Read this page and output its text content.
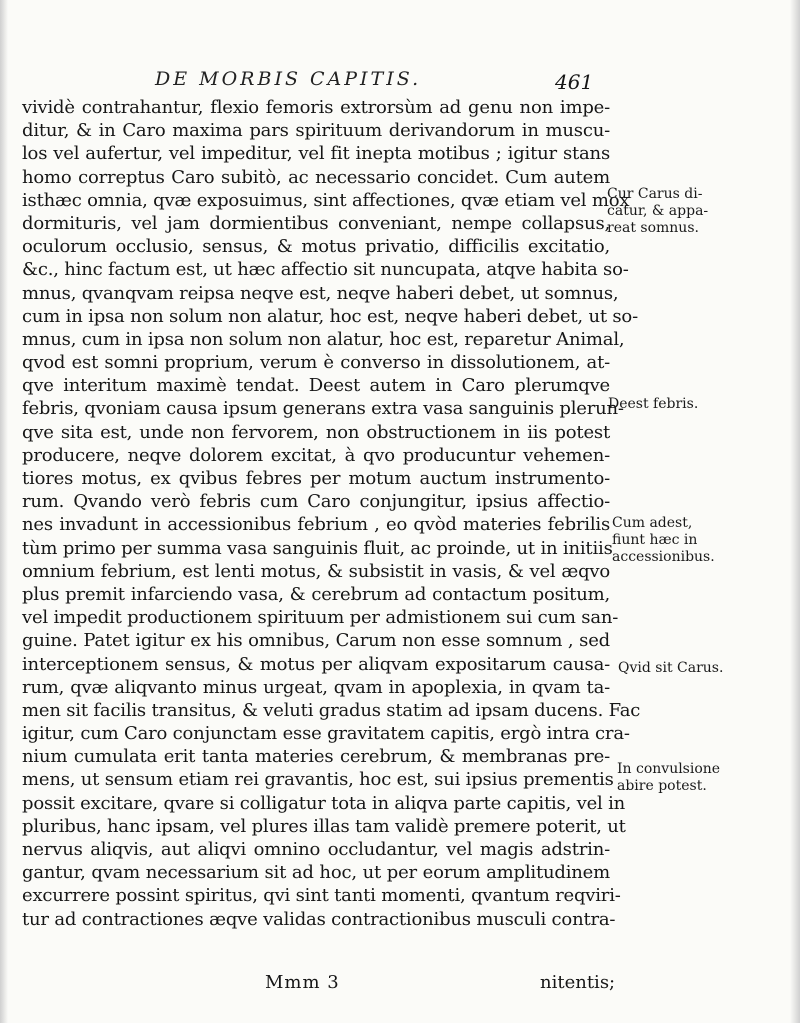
DE MORBIS CAPITIS.	461
vividè contrahantur, flexio femoris extrorsùm ad genu non impe-
ditur, & in Caro maxima pars spirituum derivandorum in muscu-
los vel aufertur, vel impeditur, vel fit inepta motibus ; igitur stans
homo correptus Caro subitò, ac necessario concidet. Cum autem
isthæc omnia, qvæ exposuimus, sint affectiones, qvæ etiam vel mox
dormituris, vel jam dormientibus conveniant, nempe collapsus,
oculorum occlusio, sensus, & motus privatio, difficilis excitatio,
&c., hinc factum est, ut hæc affectio sit nuncupata, atqve habita so-
mnus, qvanqvam reipsa neqve est, neqve haberi debet, ut somnus,
cum in ipsa non solum non alatur, hoc est, neqve haberi debet, ut so-
mnus, cum in ipsa non solum non alatur, hoc est, reparetur Animal,
qvod est somni proprium, verum è converso in dissolutionem, at-
qve interitum maximè tendat. Deest autem in Caro plerumqve
febris, qvoniam causa ipsum generans extra vasa sanguinis plerun-
qve sita est, unde non fervorem, non obstructionem in iis potest
producere, neqve dolorem excitat, à qvo producuntur vehemen-
tiores motus, ex qvibus febres per motum auctum instrumento-
rum. Qvando verò febris cum Caro conjungitur, ipsius affectio-
nes invadunt in accessionibus febrium , eo qvòd materies febrilis
tùm primo per summa vasa sanguinis fluit, ac proinde, ut in initiis
omnium febrium, est lenti motus, & subsistit in vasis, & vel æqvo
plus premit infarciendo vasa, & cerebrum ad contactum positum,
vel impedit productionem spirituum per admistionem sui cum san-
guine. Patet igitur ex his omnibus, Carum non esse somnum , sed
interceptionem sensus, & motus per aliqvam expositarum causa-
rum, qvæ aliqvanto minus urgeat, qvam in apoplexia, in qvam ta-
men sit facilis transitus, & veluti gradus statim ad ipsam ducens. Fac
igitur, cum Caro conjunctam esse gravitatem capitis, ergò intra cra-
nium cumulata erit tanta materies cerebrum, & membranas pre-
mens, ut sensum etiam rei gravantis, hoc est, sui ipsius prementis
possit excitare, qvare si colligatur tota in aliqva parte capitis, vel in
pluribus, hanc ipsam, vel plures illas tam validè premere poterit, ut
nervus aliqvis, aut aliqvi omnino occludantur, vel magis adstrin-
gantur, qvam necessarium sit ad hoc, ut per eorum amplitudinem
excurrere possint spiritus, qvi sint tanti momenti, qvantum reqviri-
tur ad contractiones æqve validas contractionibus musculi contra-
Cur Carus di-
catur, & appa-
reat somnus.
Deest febris.
Cum adest,
fiunt hæc in
accessionibus.
Qvid sit Carus.
In convulsione
abire potest.
Mmm 3	nitentis;
